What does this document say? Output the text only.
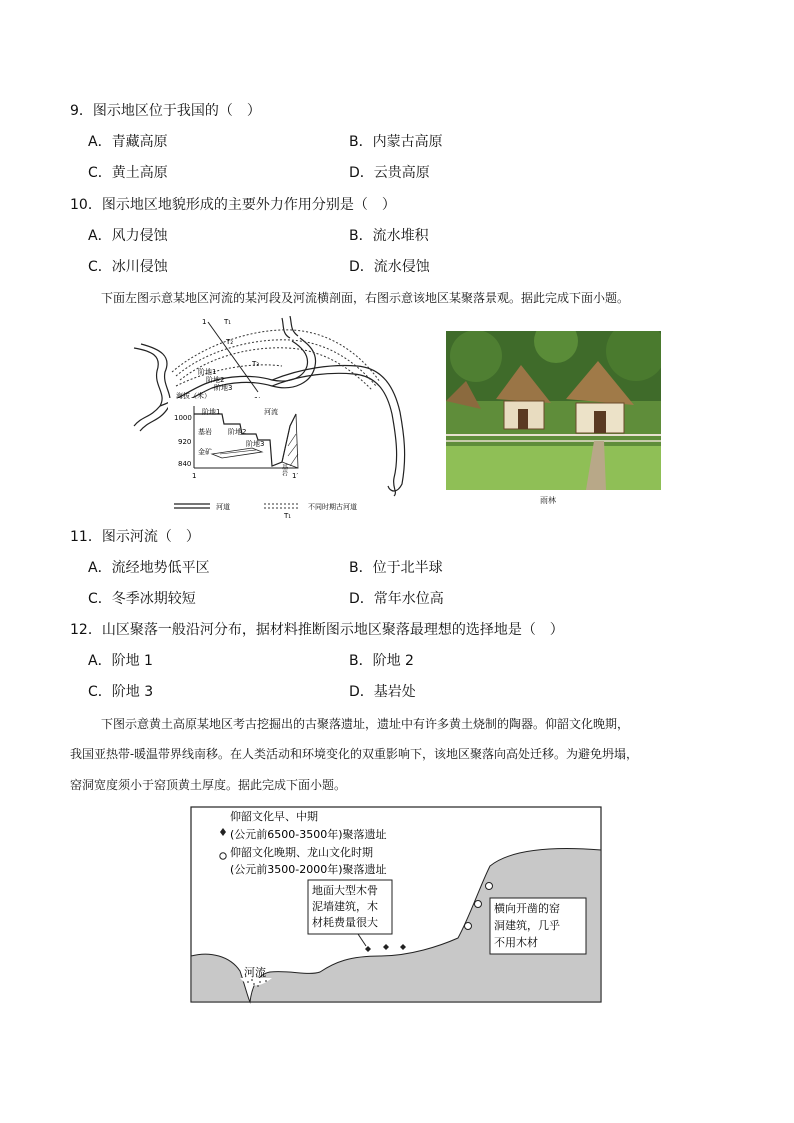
9．图示地区位于我国的（　）
A．青藏高原	B．内蒙古高原
C．黄土高原	D．云贵高原
10．图示地区地貌形成的主要外力作用分别是（　）
A．风力侵蚀	B．流水堆积
C．冰川侵蚀	D．流水侵蚀
下面左图示意某地区河流的某河段及河流横剖面，右图示意该地区某聚落景观。据此完成下面小题。
1	T₁
T₂
T₃
阶地1
阶地2
阶地3
海拔（米）
1000
920
840
阶地1
阶地2
阶地3
基岩
金矿
河流
基岩
1	1′
河道	不同时期古河道
T₁
雨林
11．图示河流（　）
A．流经地势低平区	B．位于北半球
C．冬季冰期较短	D．常年水位高
12．山区聚落一般沿河分布，据材料推断图示地区聚落最理想的选择地是（　）
A．阶地 1	B．阶地 2
C．阶地 3	D．基岩处
下图示意黄土高原某地区考古挖掘出的古聚落遗址，遗址中有许多黄土烧制的陶器。仰韶文化晚期，
我国亚热带-暖温带界线南移。在人类活动和环境变化的双重影响下，该地区聚落向高处迁移。为避免坍塌，
窑洞宽度须小于窑顶黄土厚度。据此完成下面小题。
河流
仰韶文化早、中期
(公元前6500-3500年)聚落遗址
仰韶文化晚期、龙山文化时期
(公元前3500-2000年)聚落遗址
地面大型木骨
泥墙建筑，木
材耗费量很大
横向开凿的窑
洞建筑，几乎
不用木材
